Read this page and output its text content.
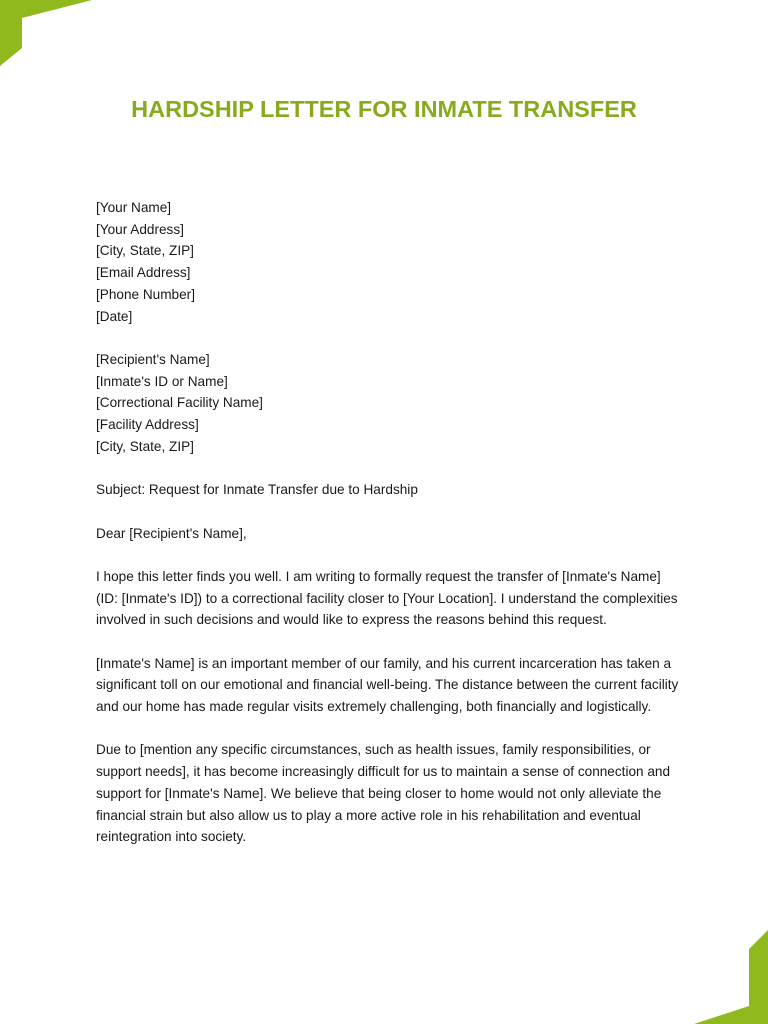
HARDSHIP LETTER FOR INMATE TRANSFER
[Your Name]
[Your Address]
[City, State, ZIP]
[Email Address]
[Phone Number]
[Date]
[Recipient's Name]
[Inmate's ID or Name]
[Correctional Facility Name]
[Facility Address]
[City, State, ZIP]

Subject: Request for Inmate Transfer due to Hardship

Dear [Recipient's Name],

I hope this letter finds you well. I am writing to formally request the transfer of [Inmate's Name] (ID: [Inmate's ID]) to a correctional facility closer to [Your Location]. I understand the complexities involved in such decisions and would like to express the reasons behind this request.

[Inmate's Name] is an important member of our family, and his current incarceration has taken a significant toll on our emotional and financial well-being. The distance between the current facility and our home has made regular visits extremely challenging, both financially and logistically.

Due to [mention any specific circumstances, such as health issues, family responsibilities, or support needs], it has become increasingly difficult for us to maintain a sense of connection and support for [Inmate's Name]. We believe that being closer to home would not only alleviate the financial strain but also allow us to play a more active role in his rehabilitation and eventual reintegration into society.
